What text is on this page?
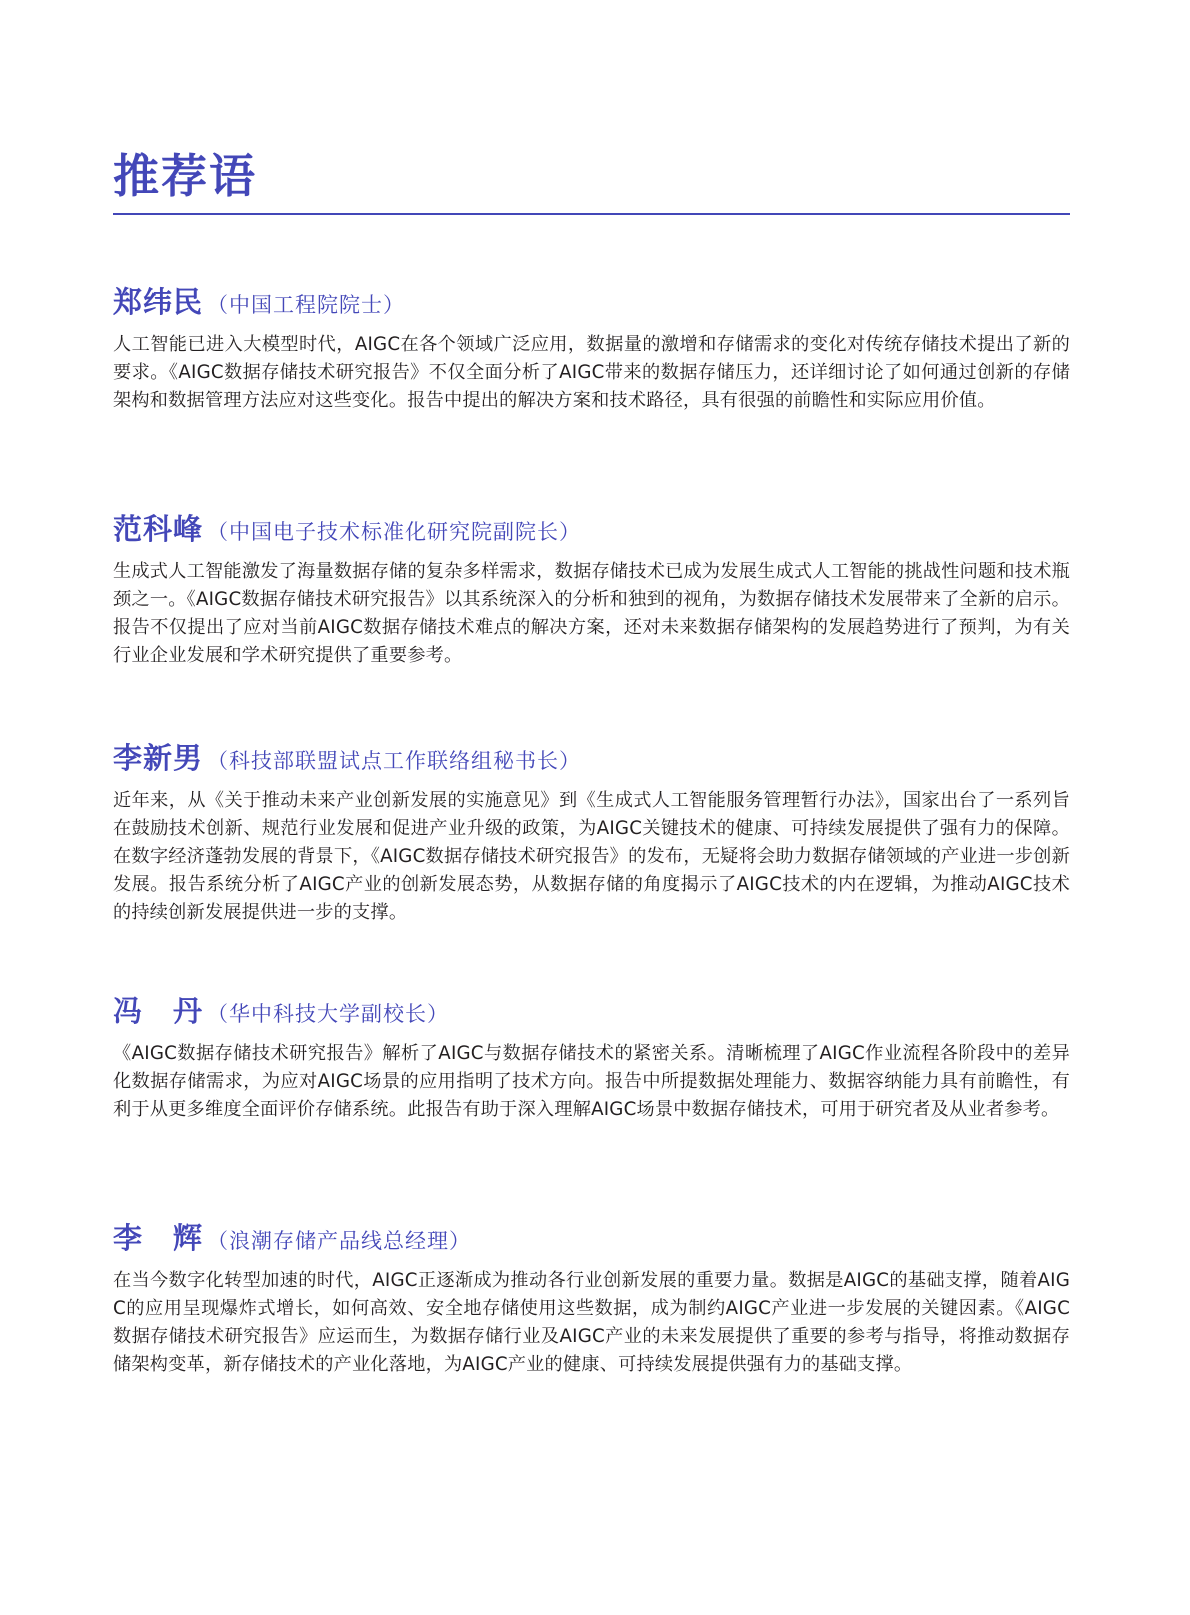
推荐语
郑纬民 （中国工程院院士）

人工智能已进入大模型时代，AIGC在各个领域广泛应用，数据量的激增和存储需求的变化对传统存储技术提出了新的要求。《AIGC数据存储技术研究报告》不仅全面分析了AIGC带来的数据存储压力，还详细讨论了如何通过创新的存储架构和数据管理方法应对这些变化。报告中提出的解决方案和技术路径，具有很强的前瞻性和实际应用价值。

范科峰 （中国电子技术标准化研究院副院长）

生成式人工智能激发了海量数据存储的复杂多样需求，数据存储技术已成为发展生成式人工智能的挑战性问题和技术瓶颈之一。《AIGC数据存储技术研究报告》以其系统深入的分析和独到的视角，为数据存储技术发展带来了全新的启示。报告不仅提出了应对当前AIGC数据存储技术难点的解决方案，还对未来数据存储架构的发展趋势进行了预判，为有关行业企业发展和学术研究提供了重要参考。

李新男 （科技部联盟试点工作联络组秘书长）

近年来，从《关于推动未来产业创新发展的实施意见》到《生成式人工智能服务管理暂行办法》，国家出台了一系列旨在鼓励技术创新、规范行业发展和促进产业升级的政策，为AIGC关键技术的健康、可持续发展提供了强有力的保障。在数字经济蓬勃发展的背景下，《AIGC数据存储技术研究报告》的发布，无疑将会助力数据存储领域的产业进一步创新发展。报告系统分析了AIGC产业的创新发展态势，从数据存储的角度揭示了AIGC技术的内在逻辑，为推动AIGC技术的持续创新发展提供进一步的支撑。

冯　丹 （华中科技大学副校长）

《AIGC数据存储技术研究报告》解析了AIGC与数据存储技术的紧密关系。清晰梳理了AIGC作业流程各阶段中的差异化数据存储需求，为应对AIGC场景的应用指明了技术方向。报告中所提数据处理能力、数据容纳能力具有前瞻性，有利于从更多维度全面评价存储系统。此报告有助于深入理解AIGC场景中数据存储技术，可用于研究者及从业者参考。

李　辉 （浪潮存储产品线总经理）

在当今数字化转型加速的时代，AIGC正逐渐成为推动各行业创新发展的重要力量。数据是AIGC的基础支撑，随着AIGC的应用呈现爆炸式增长，如何高效、安全地存储使用这些数据，成为制约AIGC产业进一步发展的关键因素。《AIGC数据存储技术研究报告》应运而生，为数据存储行业及AIGC产业的未来发展提供了重要的参考与指导，将推动数据存储架构变革，新存储技术的产业化落地，为AIGC产业的健康、可持续发展提供强有力的基础支撑。
